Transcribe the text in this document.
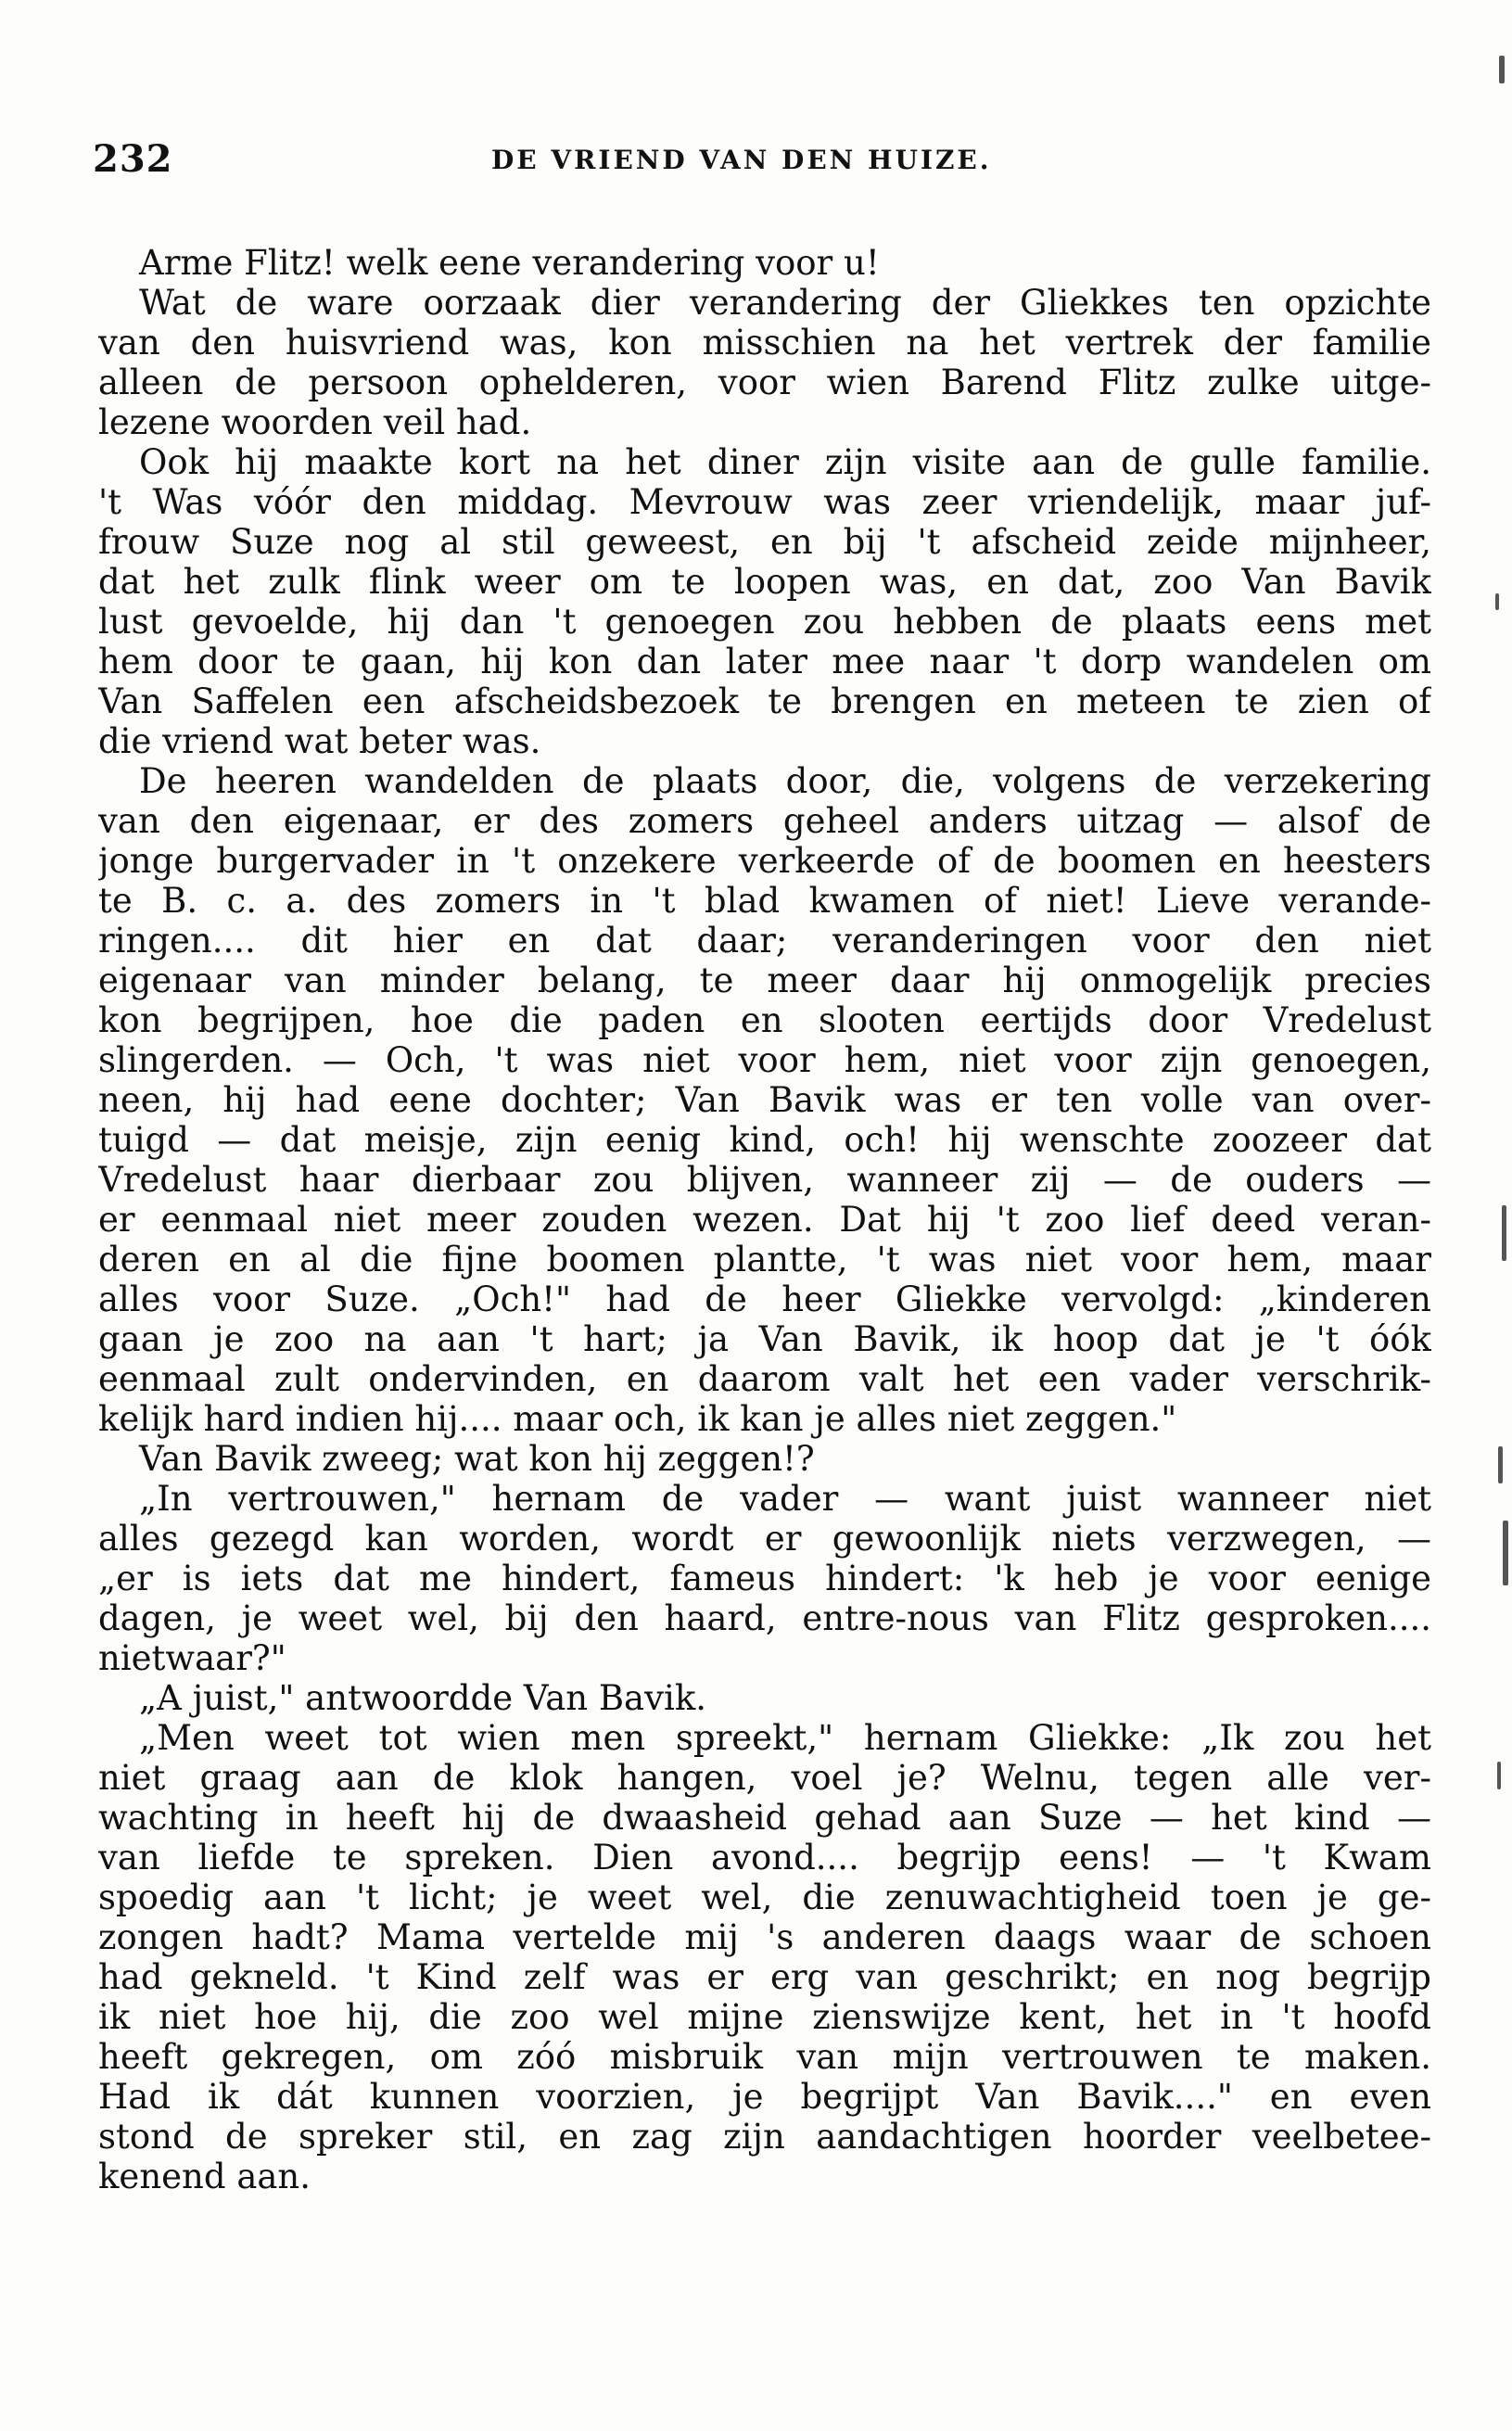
232	DE VRIEND VAN DEN HUIZE.
Arme Flitz! welk eene verandering voor u!
Wat de ware oorzaak dier verandering der Gliekkes ten opzichte
van den huisvriend was, kon misschien na het vertrek der familie
alleen de persoon ophelderen, voor wien Barend Flitz zulke uitge-
lezene woorden veil had.
Ook hij maakte kort na het diner zijn visite aan de gulle familie.
't Was vóór den middag. Mevrouw was zeer vriendelijk, maar juf-
frouw Suze nog al stil geweest, en bij 't afscheid zeide mijnheer,
dat het zulk flink weer om te loopen was, en dat, zoo Van Bavik
lust gevoelde, hij dan 't genoegen zou hebben de plaats eens met
hem door te gaan, hij kon dan later mee naar 't dorp wandelen om
Van Saffelen een afscheidsbezoek te brengen en meteen te zien of
die vriend wat beter was.
De heeren wandelden de plaats door, die, volgens de verzekering
van den eigenaar, er des zomers geheel anders uitzag — alsof de
jonge burgervader in 't onzekere verkeerde of de boomen en heesters
te B. c. a. des zomers in 't blad kwamen of niet! Lieve verande-
ringen.... dit hier en dat daar; veranderingen voor den niet
eigenaar van minder belang, te meer daar hij onmogelijk precies
kon begrijpen, hoe die paden en slooten eertijds door Vredelust
slingerden. — Och, 't was niet voor hem, niet voor zijn genoegen,
neen, hij had eene dochter; Van Bavik was er ten volle van over-
tuigd — dat meisje, zijn eenig kind, och! hij wenschte zoozeer dat
Vredelust haar dierbaar zou blijven, wanneer zij — de ouders —
er eenmaal niet meer zouden wezen. Dat hij 't zoo lief deed veran-
deren en al die fijne boomen plantte, 't was niet voor hem, maar
alles voor Suze. „Och!" had de heer Gliekke vervolgd: „kinderen
gaan je zoo na aan 't hart; ja Van Bavik, ik hoop dat je 't óók
eenmaal zult ondervinden, en daarom valt het een vader verschrik-
kelijk hard indien hij.... maar och, ik kan je alles niet zeggen."
Van Bavik zweeg; wat kon hij zeggen!?
„In vertrouwen," hernam de vader — want juist wanneer niet
alles gezegd kan worden, wordt er gewoonlijk niets verzwegen, —
„er is iets dat me hindert, fameus hindert: 'k heb je voor eenige
dagen, je weet wel, bij den haard, entre-nous van Flitz gesproken....
nietwaar?"
„A juist," antwoordde Van Bavik.
„Men weet tot wien men spreekt," hernam Gliekke: „Ik zou het
niet graag aan de klok hangen, voel je? Welnu, tegen alle ver-
wachting in heeft hij de dwaasheid gehad aan Suze — het kind —
van liefde te spreken. Dien avond.... begrijp eens! — 't Kwam
spoedig aan 't licht; je weet wel, die zenuwachtigheid toen je ge-
zongen hadt? Mama vertelde mij 's anderen daags waar de schoen
had gekneld. 't Kind zelf was er erg van geschrikt; en nog begrijp
ik niet hoe hij, die zoo wel mijne zienswijze kent, het in 't hoofd
heeft gekregen, om zóó misbruik van mijn vertrouwen te maken.
Had ik dát kunnen voorzien, je begrijpt Van Bavik...." en even
stond de spreker stil, en zag zijn aandachtigen hoorder veelbetee-
kenend aan.
